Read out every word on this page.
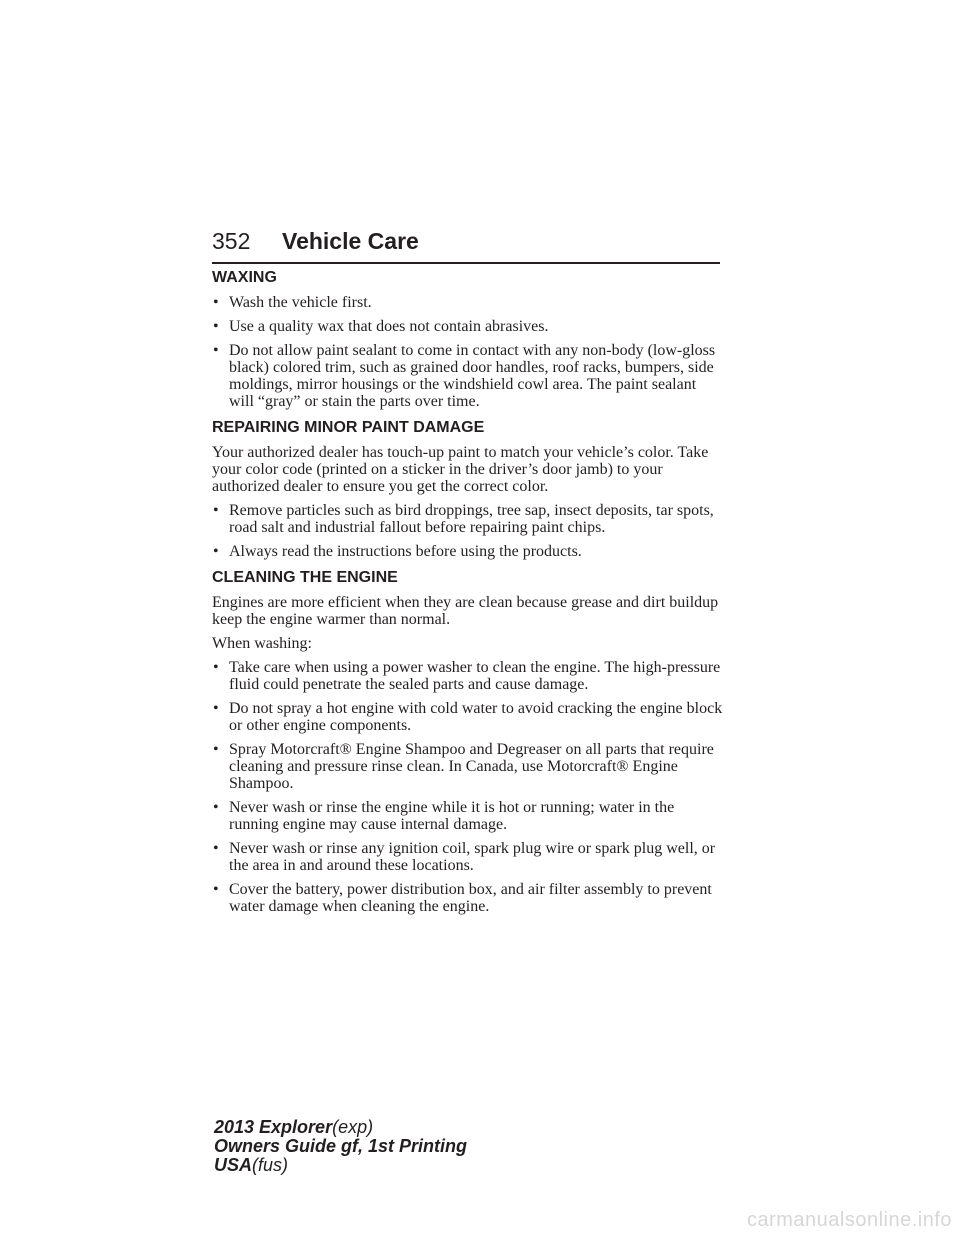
352 Vehicle Care
WAXING
• Wash the vehicle first.
• Use a quality wax that does not contain abrasives.
• Do not allow paint sealant to come in contact with any non-body (low-gloss black) colored trim, such as grained door handles, roof racks, bumpers, side moldings, mirror housings or the windshield cowl area. The paint sealant will “gray” or stain the parts over time.
REPAIRING MINOR PAINT DAMAGE

Your authorized dealer has touch-up paint to match your vehicle’s color. Take your color code (printed on a sticker in the driver’s door jamb) to your authorized dealer to ensure you get the correct color.

• Remove particles such as bird droppings, tree sap, insect deposits, tar spots, road salt and industrial fallout before repairing paint chips.
• Always read the instructions before using the products.
CLEANING THE ENGINE

Engines are more efficient when they are clean because grease and dirt buildup keep the engine warmer than normal.

When washing:

• Take care when using a power washer to clean the engine. The high-pressure fluid could penetrate the sealed parts and cause damage.
• Do not spray a hot engine with cold water to avoid cracking the engine block or other engine components.
• Spray Motorcraft® Engine Shampoo and Degreaser on all parts that require cleaning and pressure rinse clean. In Canada, use Motorcraft® Engine Shampoo.
• Never wash or rinse the engine while it is hot or running; water in the running engine may cause internal damage.
• Never wash or rinse any ignition coil, spark plug wire or spark plug well, or the area in and around these locations.
• Cover the battery, power distribution box, and air filter assembly to prevent water damage when cleaning the engine.
2013 Explorer(exp)
Owners Guide gf, 1st Printing
USA(fus)
carmanualsonline.info
